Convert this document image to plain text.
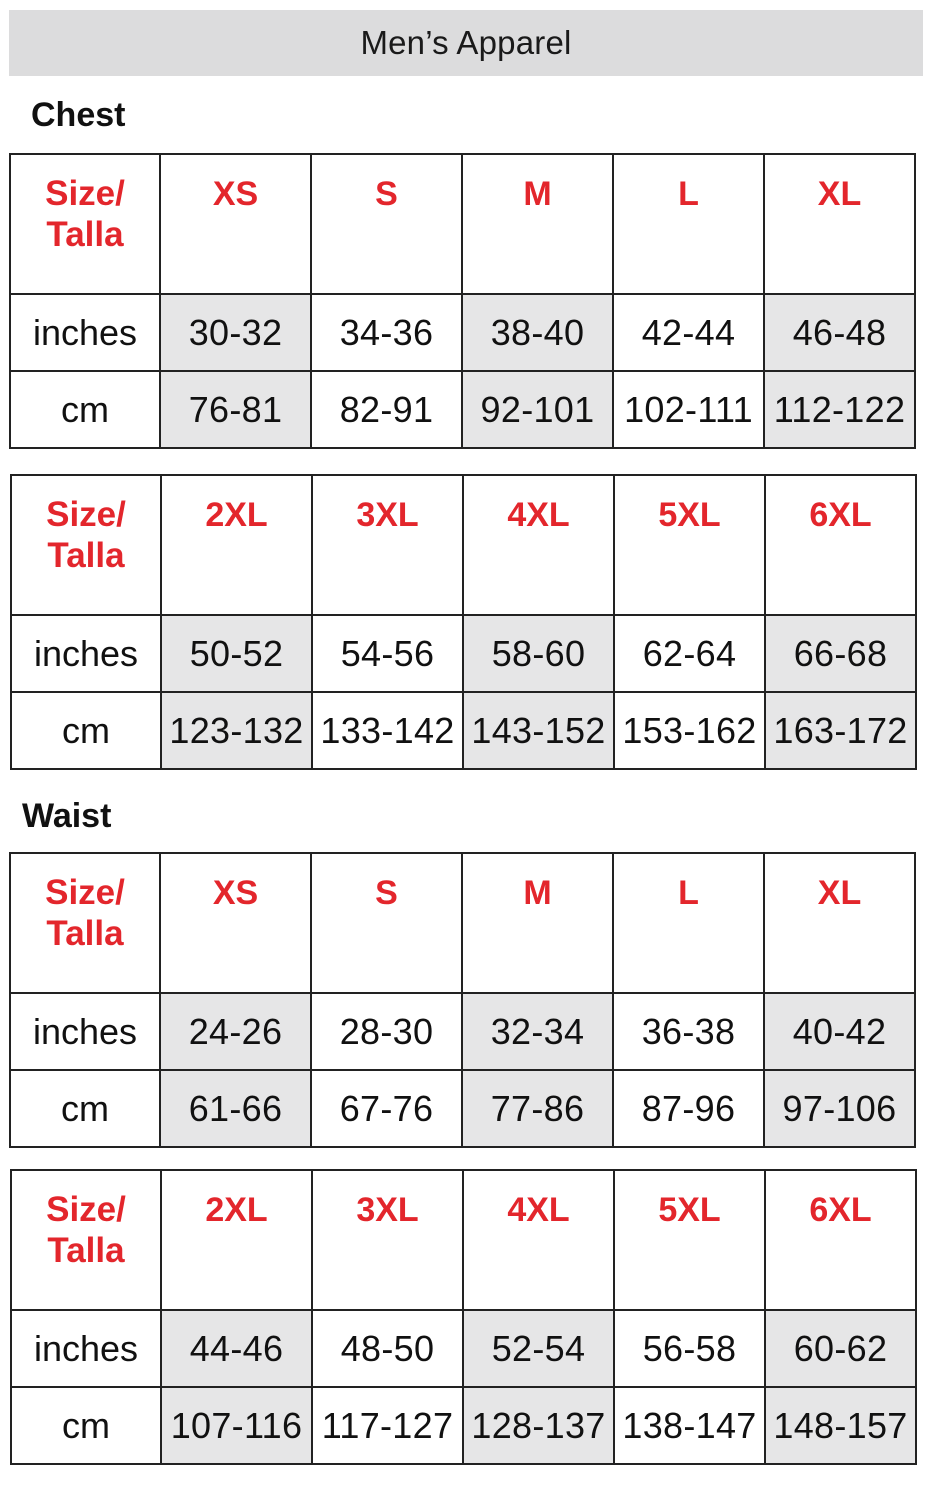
Men’s Apparel
Chest
Waist
Size/
Talla	XS	S	M	L	XL

inches	30-32	34-36	38-40	42-44	46-48
cm	76-81	82-91	92-101	102-111	112-122
Size/
Talla	2XL	3XL	4XL	5XL	6XL

inches	50-52	54-56	58-60	62-64	66-68
cm	123-132	133-142	143-152	153-162	163-172
Size/
Talla	XS	S	M	L	XL

inches	24-26	28-30	32-34	36-38	40-42
cm	61-66	67-76	77-86	87-96	97-106
Size/
Talla	2XL	3XL	4XL	5XL	6XL

inches	44-46	48-50	52-54	56-58	60-62
cm	107-116	117-127	128-137	138-147	148-157
